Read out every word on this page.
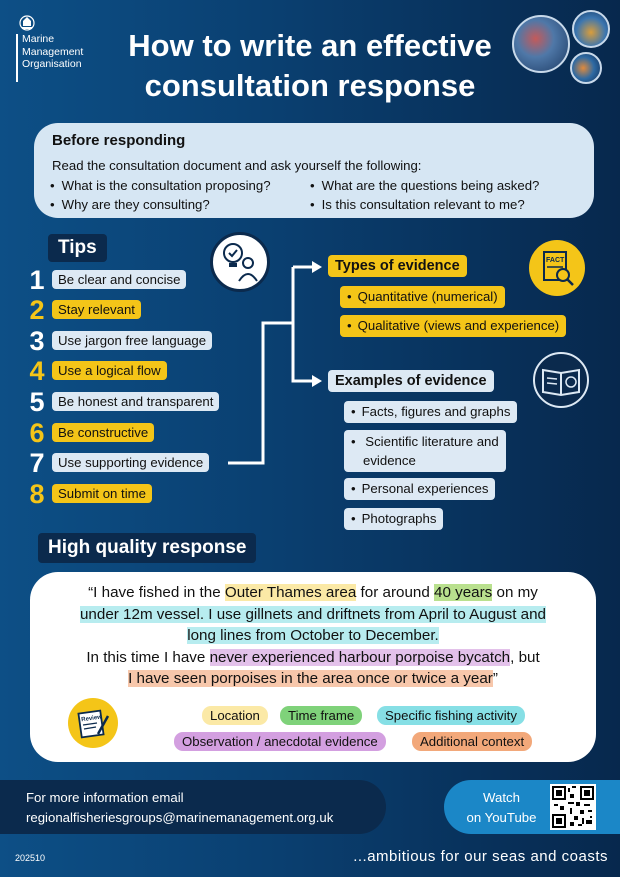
Marine
Management
Organisation
How to write an effective
consultation response
Before responding
Read the consultation document and ask yourself the following:
• What is the consultation proposing?
• Why are they consulting?
• What are the questions being asked?
• Is this consultation relevant to me?
Tips
1	Be clear and concise
2	Stay relevant
3	Use jargon free language
4	Use a logical flow
5	Be honest and transparent
6	Be constructive
7	Use supporting evidence
8	Submit on time
Types of evidence
• Quantitative (numerical)
• Qualitative (views and experience)
FACT
Examples of evidence
• Facts, figures and graphs
• Scientific literature and
evidence
• Personal experiences
• Photographs
High quality response
“I have fished in the Outer Thames area for around 40 years on my
under 12m vessel. I use gillnets and driftnets from April to August and
long lines from October to December.
In this time I have never experienced harbour porpoise bycatch, but
I have seen porpoises in the area once or twice a year”
Review	Location	Time frame	Specific fishing activity
Observation / anecdotal evidence	Additional context
For more information email
regionalfisheriesgroups@marinemanagement.org.uk
Watch
on YouTube
202510	...ambitious for our seas and coasts
